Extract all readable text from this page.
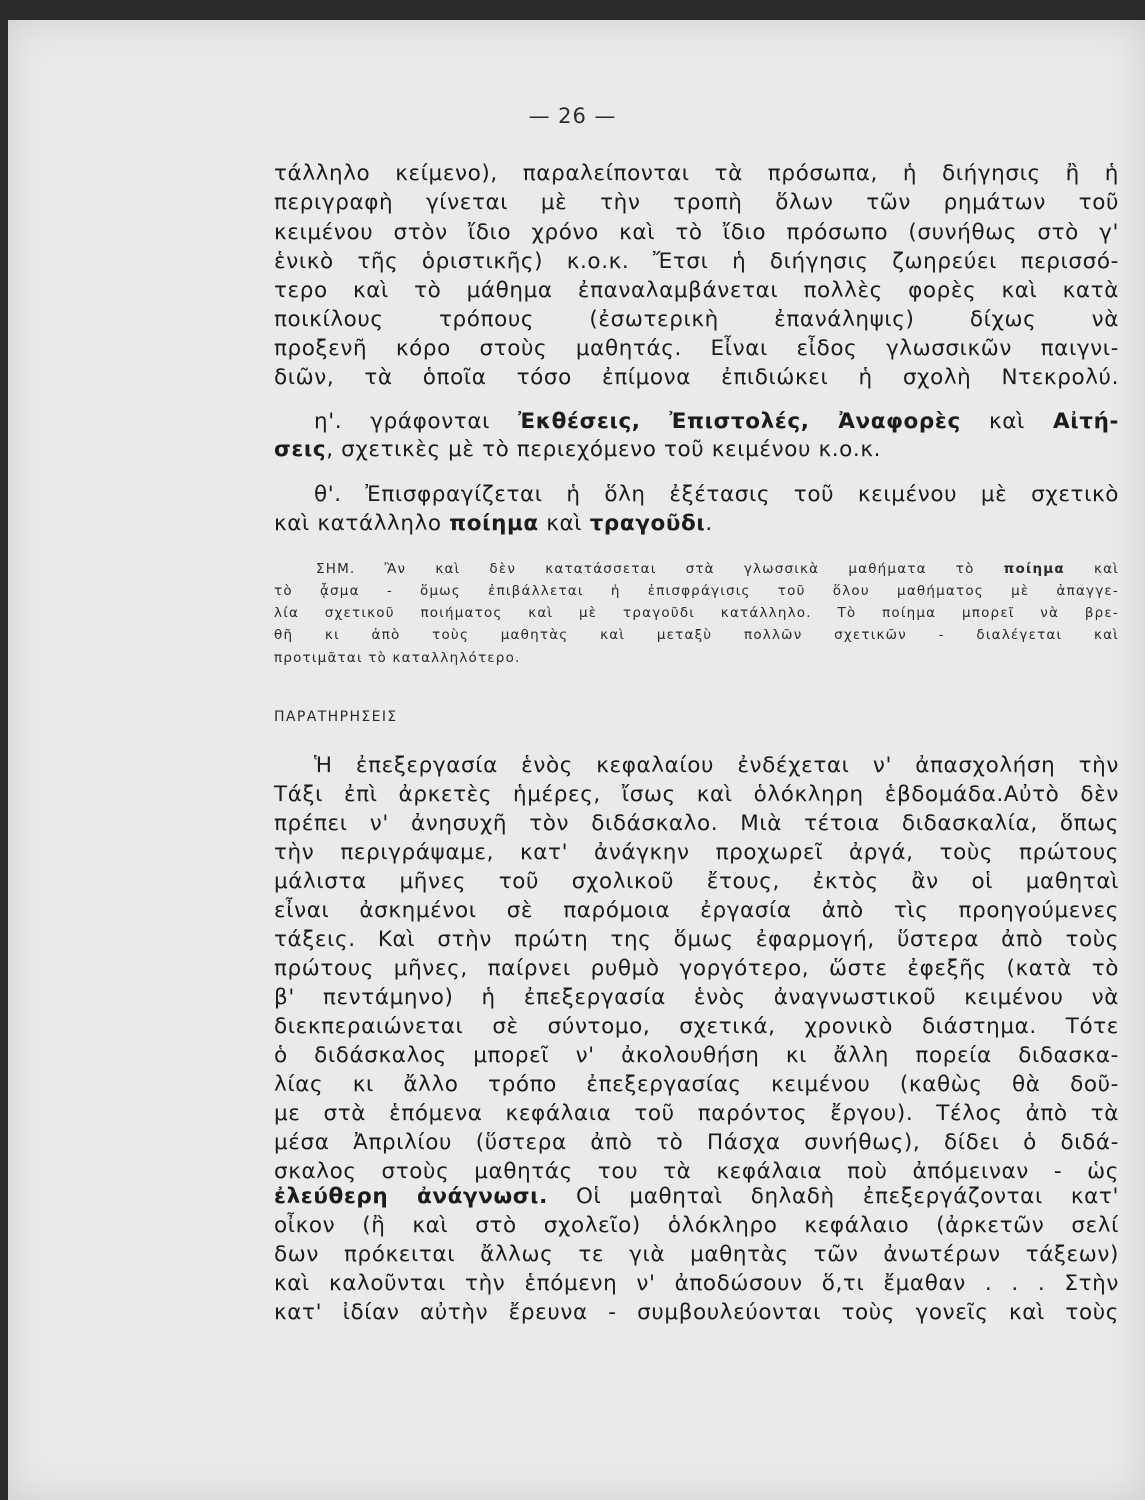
— 26 —
τάλληλο κείμενο), παραλείπονται τὰ πρόσωπα, ἡ διήγησις ἢ ἡ
περιγραφὴ γίνεται μὲ τὴν τροπὴ ὅλων τῶν ρημάτων τοῦ
κειμένου στὸν ἴδιο χρόνο καὶ τὸ ἴδιο πρόσωπο (συνήθως στὸ γ'
ἑνικὸ τῆς ὁριστικῆς) κ.ο.κ. Ἔτσι ἡ διήγησις ζωηρεύει περισσό-
τερο καὶ τὸ μάθημα ἐπαναλαμβάνεται πολλὲς φορὲς καὶ κατὰ
ποικίλους τρόπους (ἐσωτερικὴ ἐπανάληψις) δίχως νὰ
προξενῆ κόρο στοὺς μαθητάς. Εἶναι εἶδος γλωσσικῶν παιγνι-
διῶν, τὰ ὁποῖα τόσο ἐπίμονα ἐπιδιώκει ἡ σχολὴ Ντεκρολύ.
η'. γράφονται Ἐκθέσεις, Ἐπιστολές, Ἀναφορὲς καὶ Αἰτή-
σεις, σχετικὲς μὲ τὸ περιεχόμενο τοῦ κειμένου κ.ο.κ.
θ'. Ἐπισφραγίζεται ἡ ὅλη ἐξέτασις τοῦ κειμένου μὲ σχετικὸ
καὶ κατάλληλο ποίημα καὶ τραγοῦδι.
ΣΗΜ. Ἂν καὶ δὲν κατατάσσεται στὰ γλωσσικὰ μαθήματα τὸ ποίημα καὶ
τὸ ᾆσμα - ὅμως ἐπιβάλλεται ἡ ἐπισφράγισις τοῦ ὅλου μαθήματος μὲ ἀπαγγε-
λία σχετικοῦ ποιήματος καὶ μὲ τραγοῦδι κατάλληλο. Τὸ ποίημα μπορεῖ νὰ βρε-
θῆ κι ἀπὸ τοὺς μαθητὰς καὶ μεταξὺ πολλῶν σχετικῶν - διαλέγεται καὶ
προτιμᾶται τὸ καταλληλότερο.
ΠΑΡΑΤΗΡΗΣΕΙΣ
Ἡ ἐπεξεργασία ἑνὸς κεφαλαίου ἐνδέχεται ν' ἀπασχολήση τὴν
Τάξι ἐπὶ ἀρκετὲς ἡμέρες, ἴσως καὶ ὁλόκληρη ἑβδομάδα.Αὐτὸ δὲν
πρέπει ν' ἀνησυχῆ τὸν διδάσκαλο. Μιὰ τέτοια διδασκαλία, ὅπως
τὴν περιγράψαμε, κατ' ἀνάγκην προχωρεῖ ἀργά, τοὺς πρώτους
μάλιστα μῆνες τοῦ σχολικοῦ ἔτους, ἐκτὸς ἂν οἱ μαθηταὶ
εἶναι ἀσκημένοι σὲ παρόμοια ἐργασία ἀπὸ τὶς προηγούμενες
τάξεις. Καὶ στὴν πρώτη της ὅμως ἐφαρμογή, ὕστερα ἀπὸ τοὺς
πρώτους μῆνες, παίρνει ρυθμὸ γοργότερο, ὥστε ἐφεξῆς (κατὰ τὸ
β' πεντάμηνο) ἡ ἐπεξεργασία ἑνὸς ἀναγνωστικοῦ κειμένου νὰ
διεκπεραιώνεται σὲ σύντομο, σχετικά, χρονικὸ διάστημα. Τότε
ὁ διδάσκαλος μπορεῖ ν' ἀκολουθήση κι ἄλλη πορεία διδασκα-
λίας κι ἄλλο τρόπο ἐπεξεργασίας κειμένου (καθὼς θὰ δοῦ-
με στὰ ἑπόμενα κεφάλαια τοῦ παρόντος ἔργου). Τέλος ἀπὸ τὰ
μέσα Ἀπριλίου (ὕστερα ἀπὸ τὸ Πάσχα συνήθως), δίδει ὁ διδά-
σκαλος στοὺς μαθητάς του τὰ κεφάλαια ποὺ ἀπόμειναν - ὡς
ἐλεύθερη ἀνάγνωσι. Οἱ μαθηταὶ δηλαδὴ ἐπεξεργάζονται κατ'
οἶκον (ἢ καὶ στὸ σχολεῖο) ὁλόκληρο κεφάλαιο (ἀρκετῶν σελί
δων πρόκειται ἄλλως τε γιὰ μαθητὰς τῶν ἀνωτέρων τάξεων)
καὶ καλοῦνται τὴν ἑπόμενη ν' ἀποδώσουν ὅ,τι ἔμαθαν . . . Στὴν
κατ' ἰδίαν αὐτὴν ἔρευνα - συμβουλεύονται τοὺς γονεῖς καὶ τοὺς
